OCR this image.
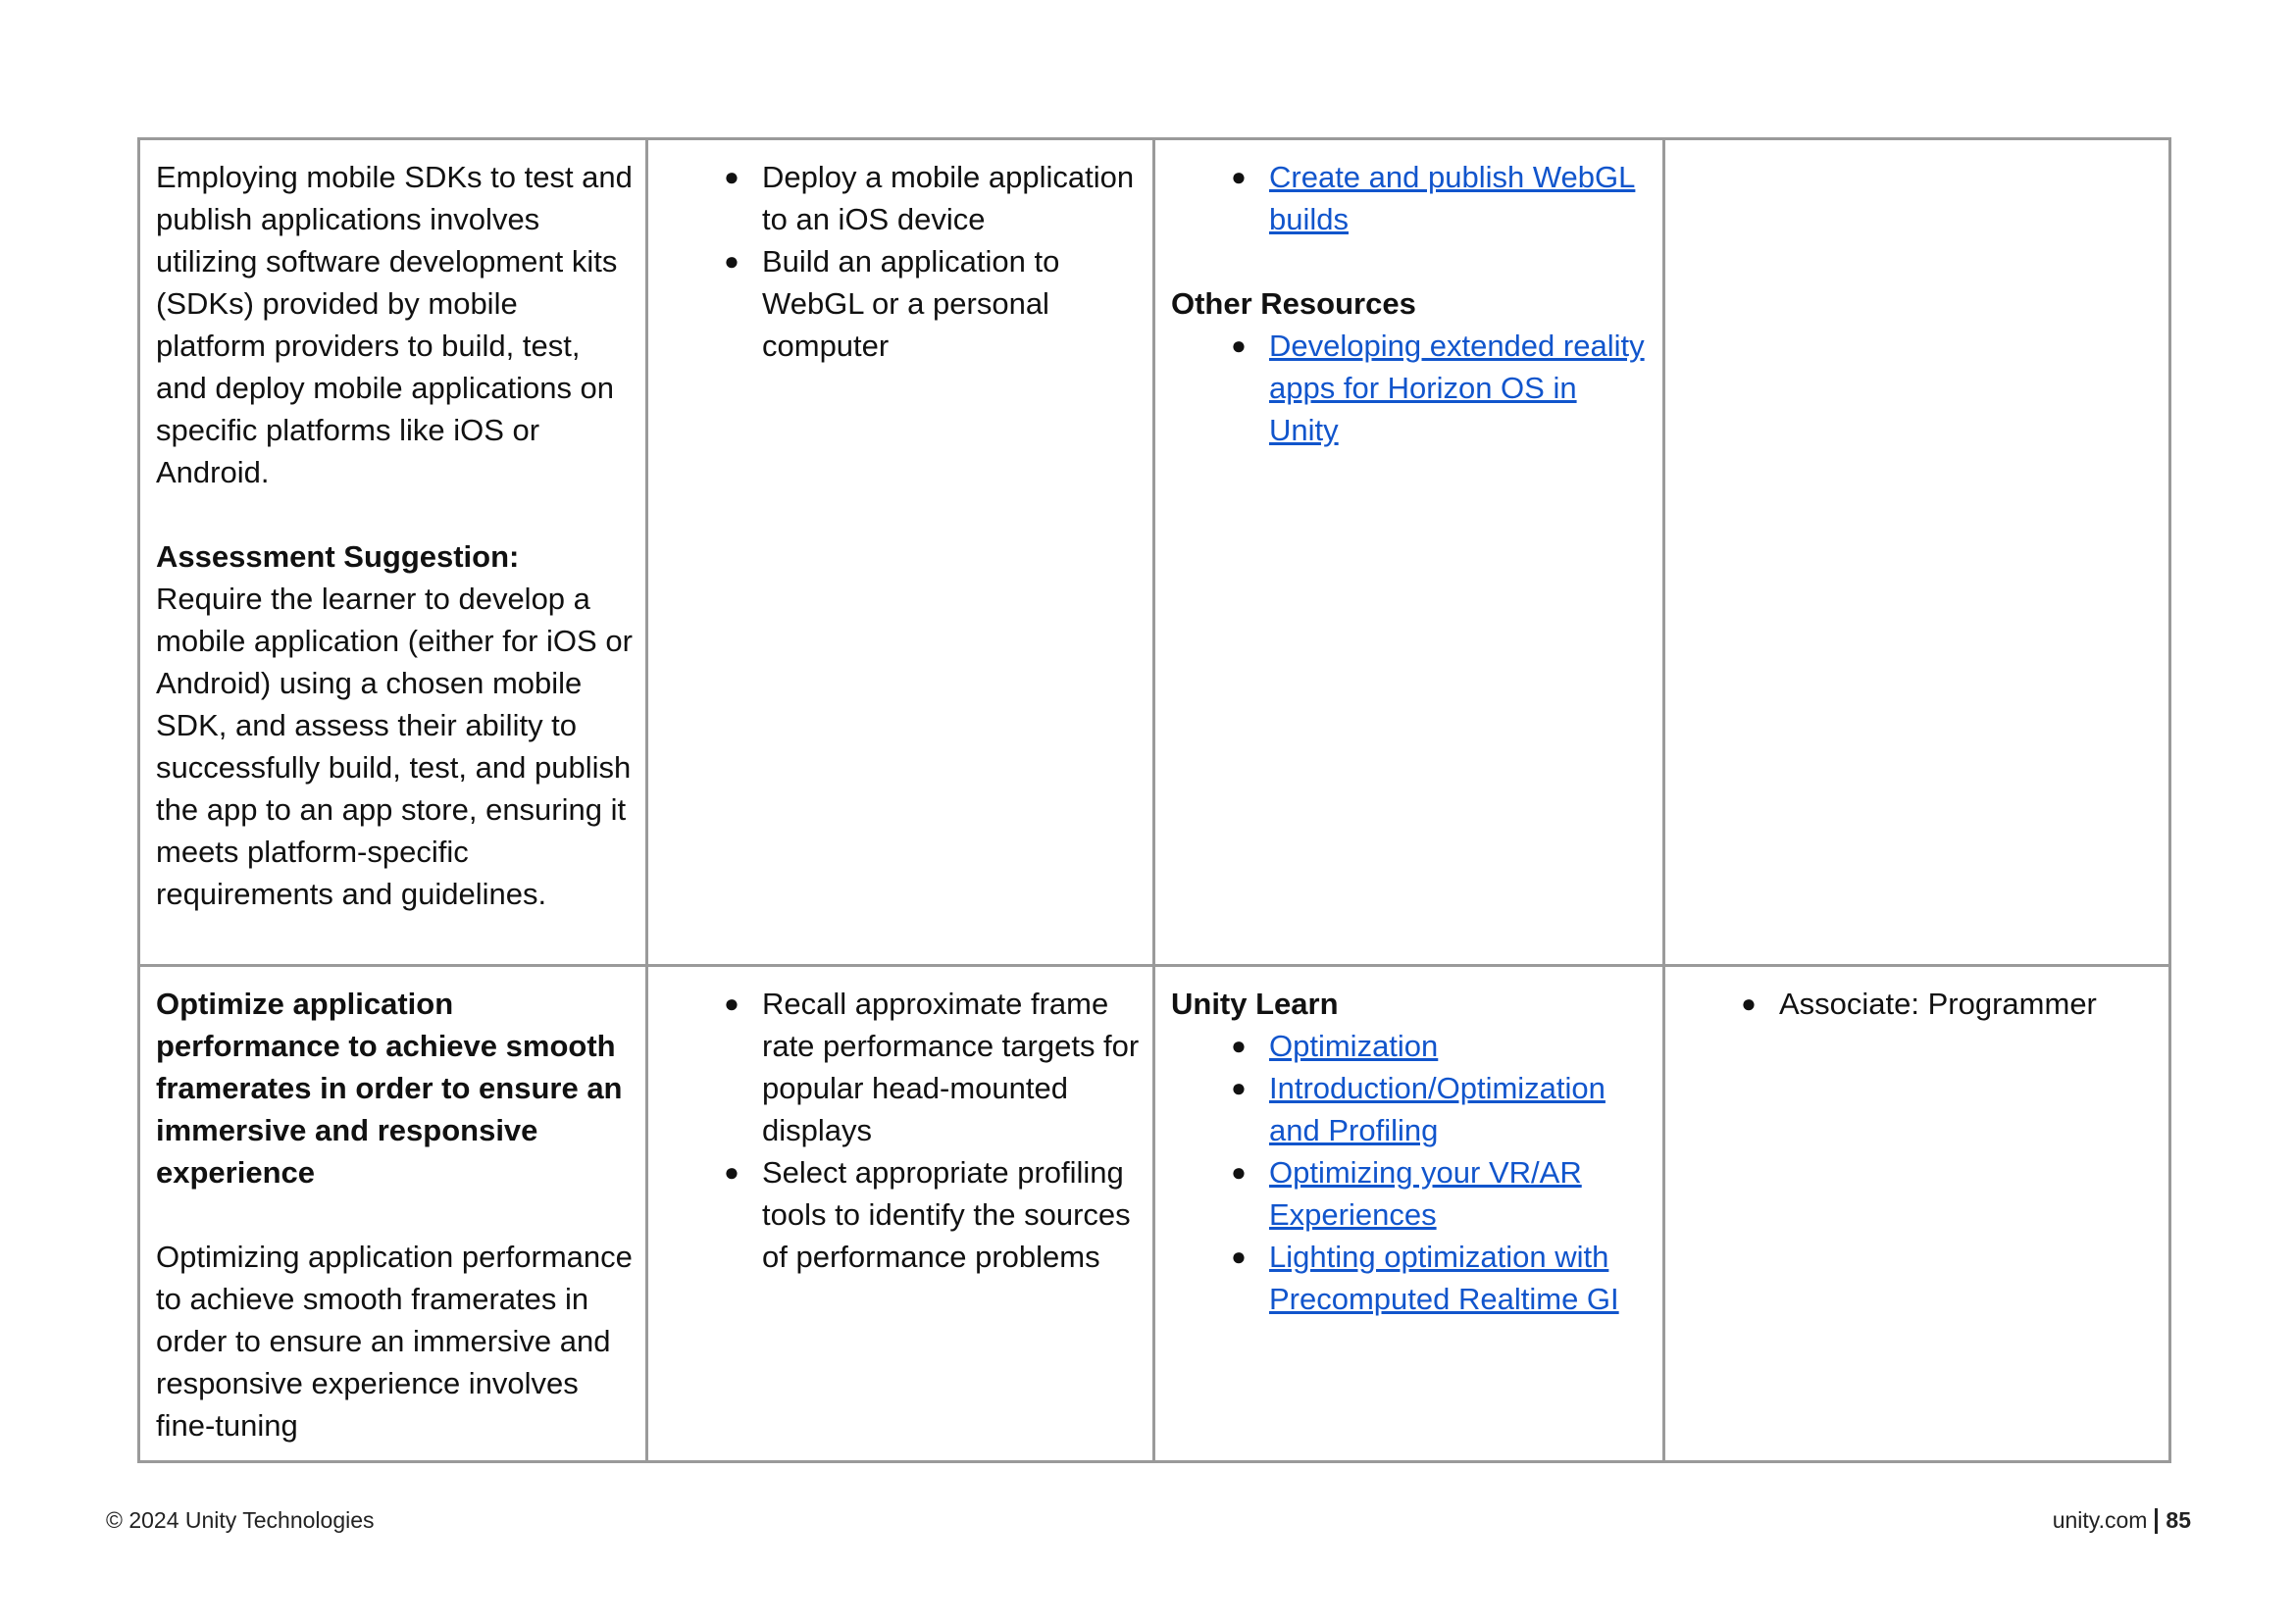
Employing mobile SDKs to test and publish applications involves utilizing software development kits (SDKs) provided by mobile platform providers to build, test, and deploy mobile applications on specific platforms like iOS or Android.

Assessment Suggestion:

Require the learner to develop a mobile application (either for iOS or Android) using a chosen mobile SDK, and assess their ability to successfully build, test, and publish the app to an app store, ensuring it meets platform-specific requirements and guidelines.

● Deploy a mobile application to an iOS device
● Build an application to WebGL or a personal computer
● Create and publish WebGL builds

Other Resources

● Developing extended reality apps for Horizon OS in Unity

Optimize application performance to achieve smooth framerates in order to ensure an immersive and responsive experience

Optimizing application performance to achieve smooth framerates in order to ensure an immersive and responsive experience involves fine-tuning

● Recall approximate frame rate performance targets for popular head-mounted displays
● Select appropriate profiling tools to identify the sources of performance problems

Unity Learn

● Optimization
● Introduction/Optimization and Profiling
● Optimizing your VR/AR Experiences
● Lighting optimization with Precomputed Realtime GI
● Associate: Programmer
© 2024 Unity Technologies	unity.com 85
